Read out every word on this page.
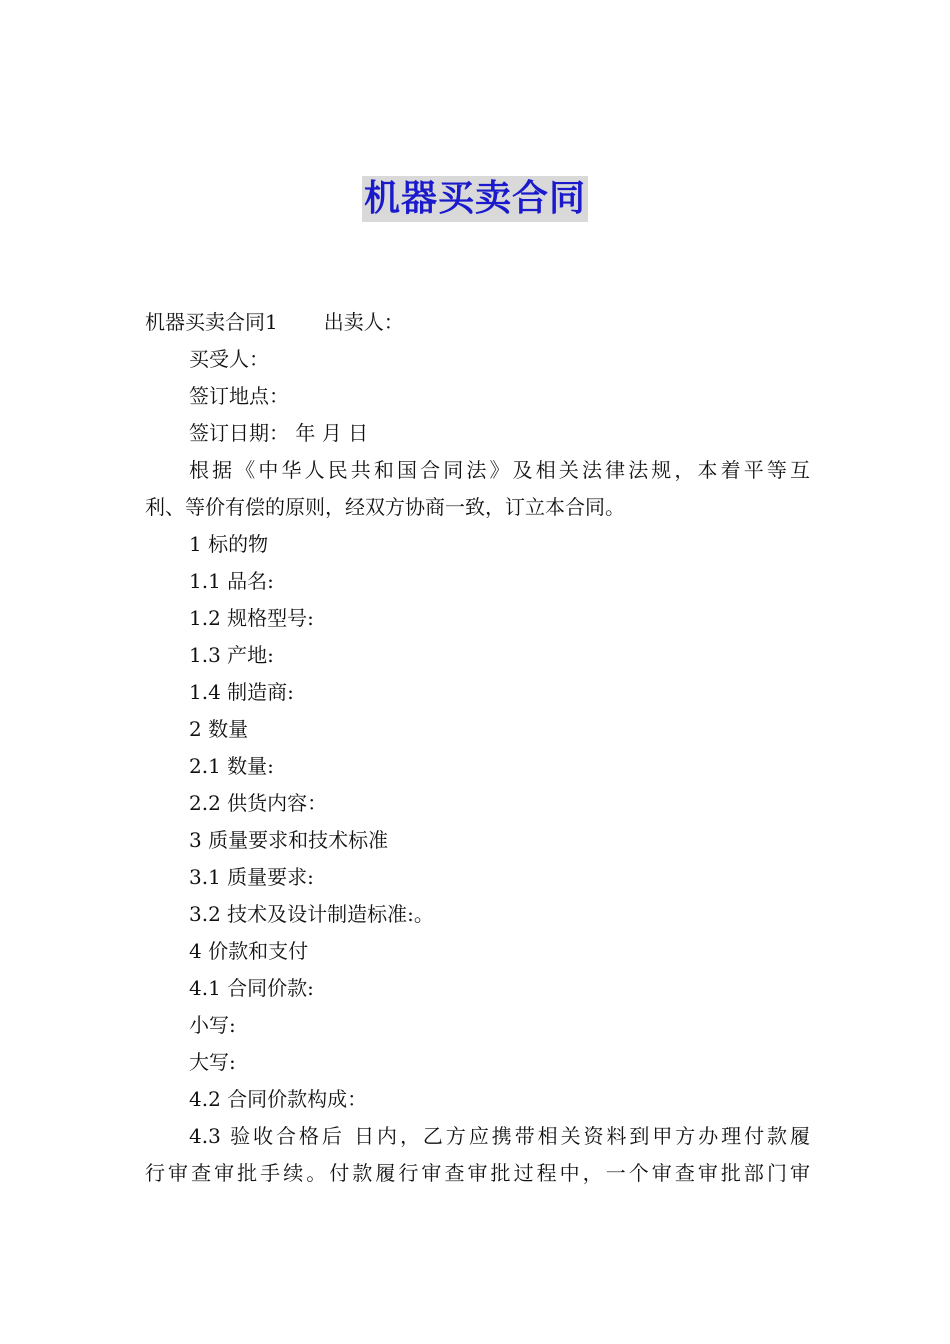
机器买卖合同
机器买卖合同1 出卖人：
买受人：
签订地点：
签订日期： 年 月 日
根据《中华人民共和国合同法》及相关法律法规，本着平等互
利、等价有偿的原则，经双方协商一致，订立本合同。
1 标的物
1.1 品名:
1.2 规格型号:
1.3 产地:
1.4 制造商:
2 数量
2.1 数量:
2.2 供货内容：
3 质量要求和技术标准
3.1 质量要求:
3.2 技术及设计制造标准:。
4 价款和支付
4.1 合同价款:
小写:
大写:
4.2 合同价款构成：
4.3 验收合格后 日内，乙方应携带相关资料到甲方办理付款履
行审查审批手续。付款履行审查审批过程中，一个审查审批部门审
